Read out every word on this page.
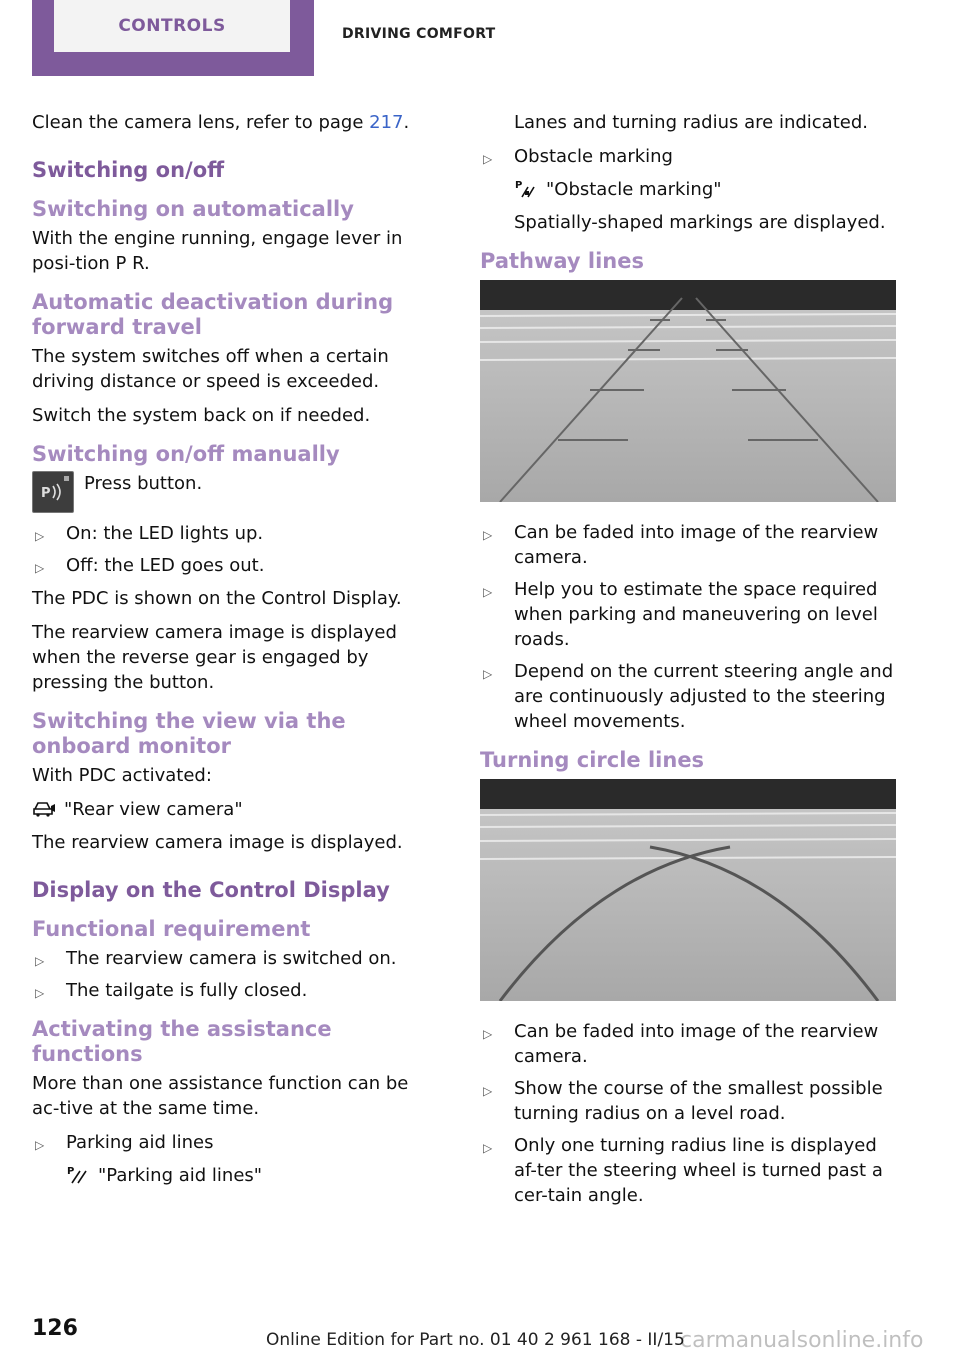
CONTROLS	DRIVING COMFORT

Clean the camera lens, refer to page 217.

Switching on/off
Switching on automatically

With the engine running, engage lever in posi-tion P R.

Automatic deactivation during forward travel

The system switches off when a certain driving distance or speed is exceeded.

Switch the system back on if needed.

Switching on/off manually
P Press button.
▷ On: the LED lights up.
▷ Off: the LED goes out.

The PDC is shown on the Control Display.

The rearview camera image is displayed when the reverse gear is engaged by pressing the button.

Switching the view via the onboard monitor

With PDC activated:

"Rear view camera"

The rearview camera image is displayed.

Display on the Control Display
Functional requirement
▷ The rearview camera is switched on.
▷ The tailgate is fully closed.
Activating the assistance functions

More than one assistance function can be ac-tive at the same time.

▷ Parking aid lines
P "Parking aid lines"

Lanes and turning radius are indicated.

▷ Obstacle marking
P "Obstacle marking"

Spatially-shaped markings are displayed.

Pathway lines
▷ Can be faded into image of the rearview camera.
▷ Help you to estimate the space required when parking and maneuvering on level roads.
▷ Depend on the current steering angle and are continuously adjusted to the steering wheel movements.
Turning circle lines
▷ Can be faded into image of the rearview camera.
▷ Show the course of the smallest possible turning radius on a level road.
▷ Only one turning radius line is displayed af-ter the steering wheel is turned past a cer-tain angle.
126	Online Edition for Part no. 01 40 2 961 168 - II/15
carmanualsonline.info
